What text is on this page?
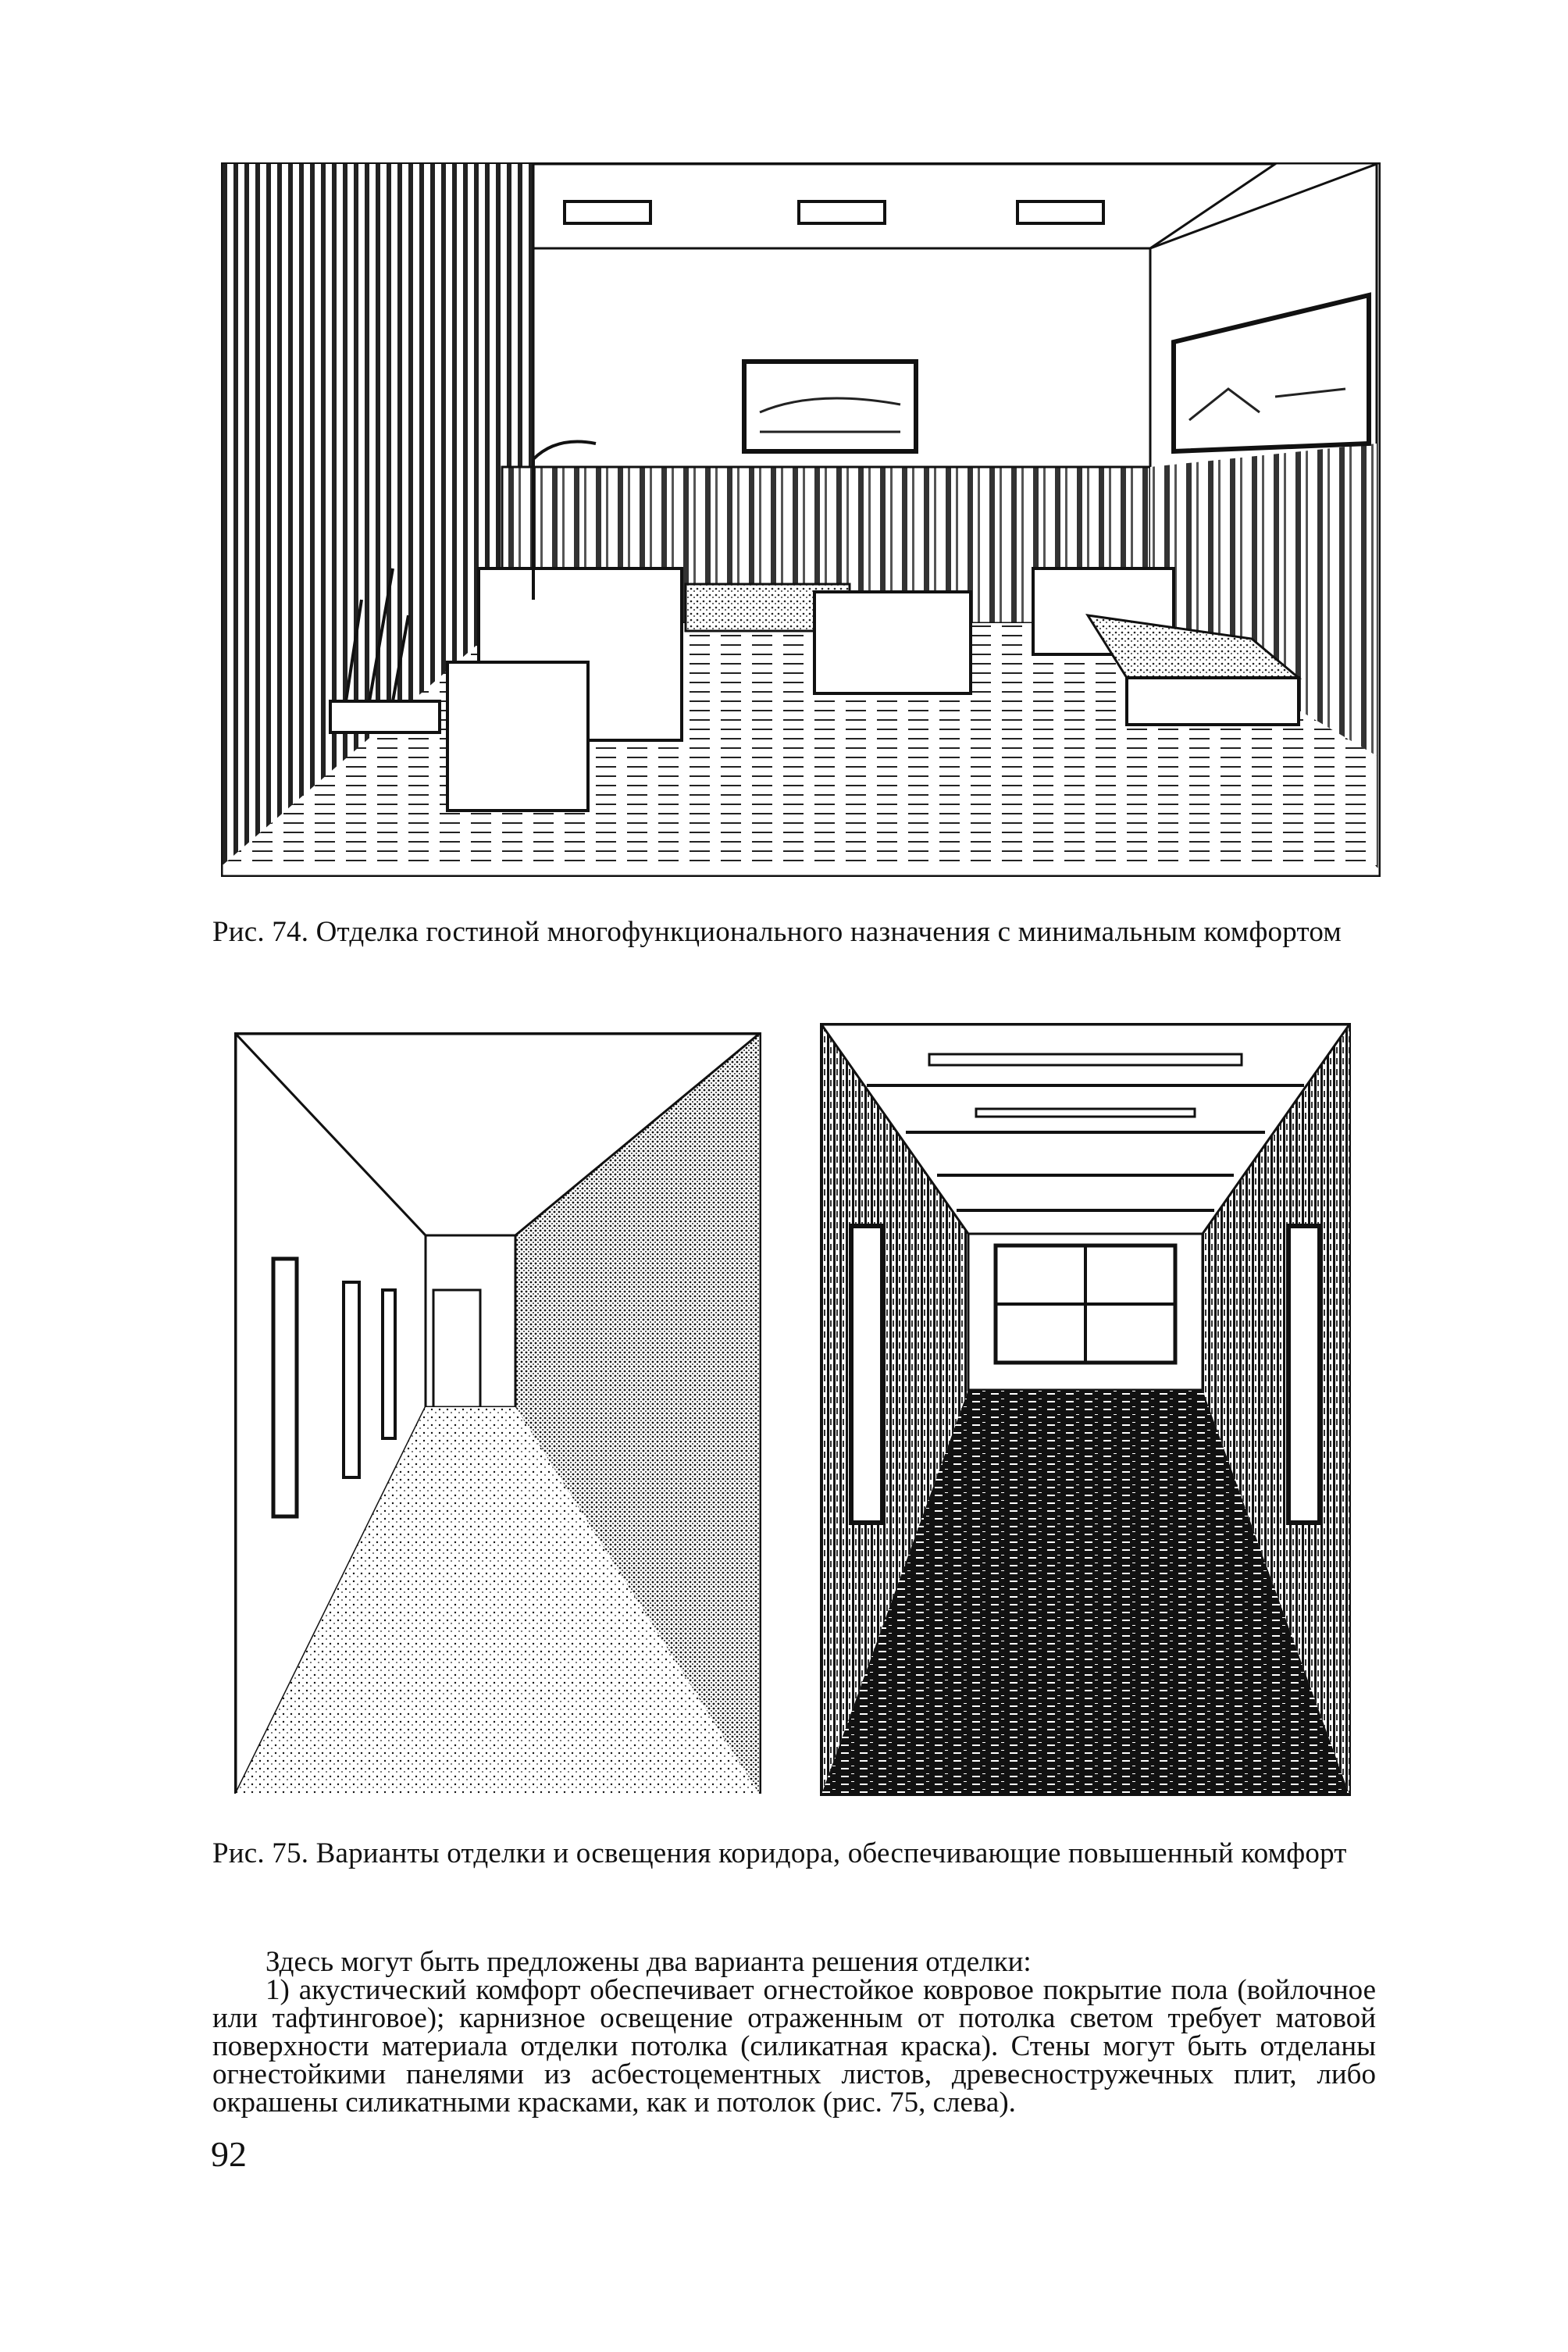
Рис. 74. Отделка гостиной многофункционального назначения с минимальным комфортом
Рис. 75. Варианты отделки и освещения коридора, обеспечивающие повышенный комфорт

Здесь могут быть предложены два варианта решения отделки:

1) акустический комфорт обеспечивает огнестойкое ковровое покрытие пола (войлочное или тафтинговое); карнизное освещение отраженным от потолка светом требует матовой поверхности материала отделки потолка (силикатная краска). Стены могут быть отделаны огнестойкими панелями из асбестоцементных листов, древесностружечных плит, либо окрашены силикатными красками, как и потолок (рис. 75, слева).

92
